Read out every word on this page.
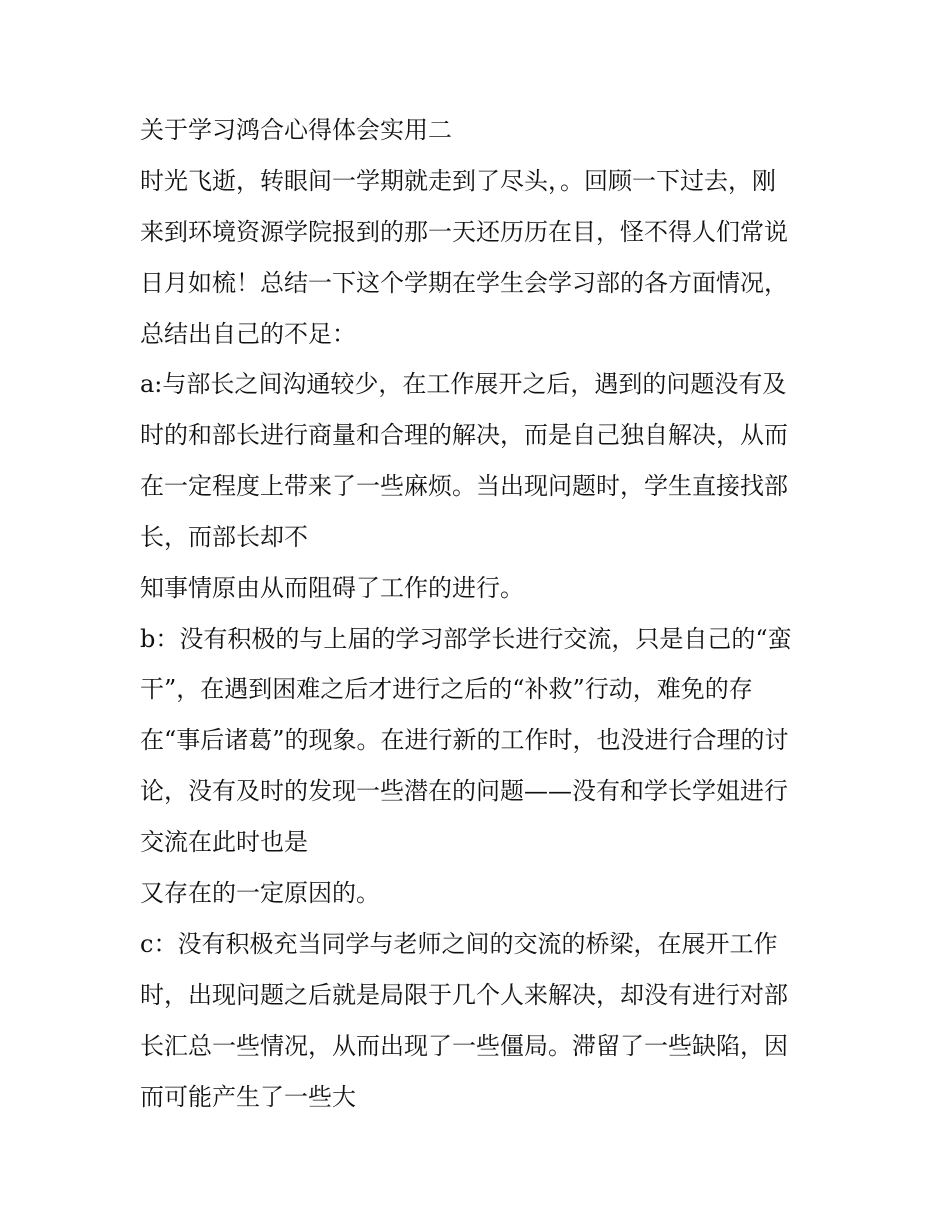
关于学习鸿合心得体会实用二

时光飞逝，转眼间一学期就走到了尽头，。回顾一下过去，刚

来到环境资源学院报到的那一天还历历在目，怪不得人们常说

日月如梳！总结一下这个学期在学生会学习部的各方面情况，

总结出自己的不足：

a:与部长之间沟通较少，在工作展开之后，遇到的问题没有及

时的和部长进行商量和合理的解决，而是自己独自解决，从而

在一定程度上带来了一些麻烦。当出现问题时，学生直接找部

长，而部长却不

知事情原由从而阻碍了工作的进行。

b：没有积极的与上届的学习部学长进行交流，只是自己的“蛮

干”，在遇到困难之后才进行之后的“补救”行动，难免的存

在“事后诸葛”的现象。在进行新的工作时，也没进行合理的讨

论，没有及时的发现一些潜在的问题——没有和学长学姐进行

交流在此时也是

又存在的一定原因的。

c：没有积极充当同学与老师之间的交流的桥梁，在展开工作

时，出现问题之后就是局限于几个人来解决，却没有进行对部

长汇总一些情况，从而出现了一些僵局。滞留了一些缺陷，因

而可能产生了一些大
